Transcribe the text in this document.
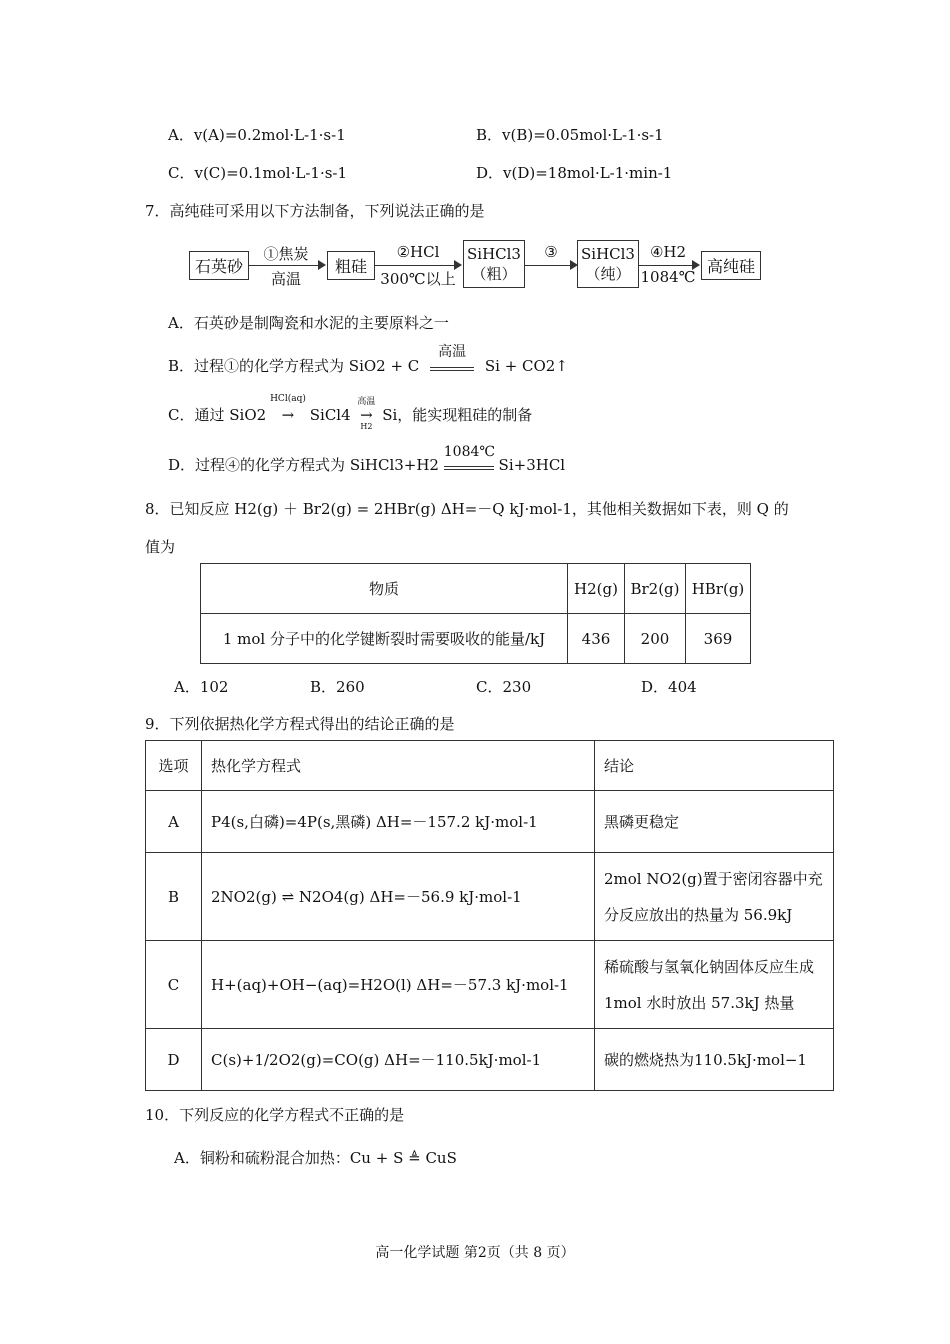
A．v(A)=0.2mol·L-1·s-1	B．v(B)=0.05mol·L-1·s-1
C．v(C)=0.1mol·L-1·s-1	D．v(D)=18mol·L-1·min-1
7．高纯硅可采用以下方法制备，下列说法正确的是
石英砂
①焦炭
高温
粗硅
②HCl
300℃以上
SiHCl3
（粗）
③	SiHCl3
（纯）
④H2
1084℃
高纯硅
A．石英砂是制陶瓷和水泥的主要原料之一
B．过程①的化学方程式为 SiO2 + C
高温
Si + CO2↑
C．通过 SiO2
HCl(aq)
→ SiCl4
高温
→
H2
Si，能实现粗硅的制备
D．过程④的化学方程式为 SiHCl3+H2
1084℃
Si+3HCl
8．已知反应 H2(g) ＋ Br2(g) = 2HBr(g) ΔH=－Q kJ·mol-1，其他相关数据如下表，则 Q 的
值为
物质	H2(g)	Br2(g)	HBr(g)
1 mol 分子中的化学键断裂时需要吸收的能量/kJ	436	200	369
A．102	B．260	C．230	D．404
9．下列依据热化学方程式得出的结论正确的是
选项	热化学方程式	结论
A	P4(s,白磷)=4P(s,黑磷) ΔH=－157.2 kJ·mol-1	黑磷更稳定
B	2NO2(g) ⇌ N2O4(g) ΔH=－56.9 kJ·mol-1	2mol NO2(g)置于密闭容器中充分反应放出的热量为 56.9kJ
C	H+(aq)+OH−(aq)=H2O(l) ΔH=－57.3 kJ·mol-1	稀硫酸与氢氧化钠固体反应生成 1mol 水时放出 57.3kJ 热量
D	C(s)+1/2O2(g)=CO(g) ΔH=－110.5kJ·mol-1	碳的燃烧热为110.5kJ·mol−1
10．下列反应的化学方程式不正确的是
A．铜粉和硫粉混合加热：Cu + S ≜ CuS
高一化学试题 第2页（共 8 页）
